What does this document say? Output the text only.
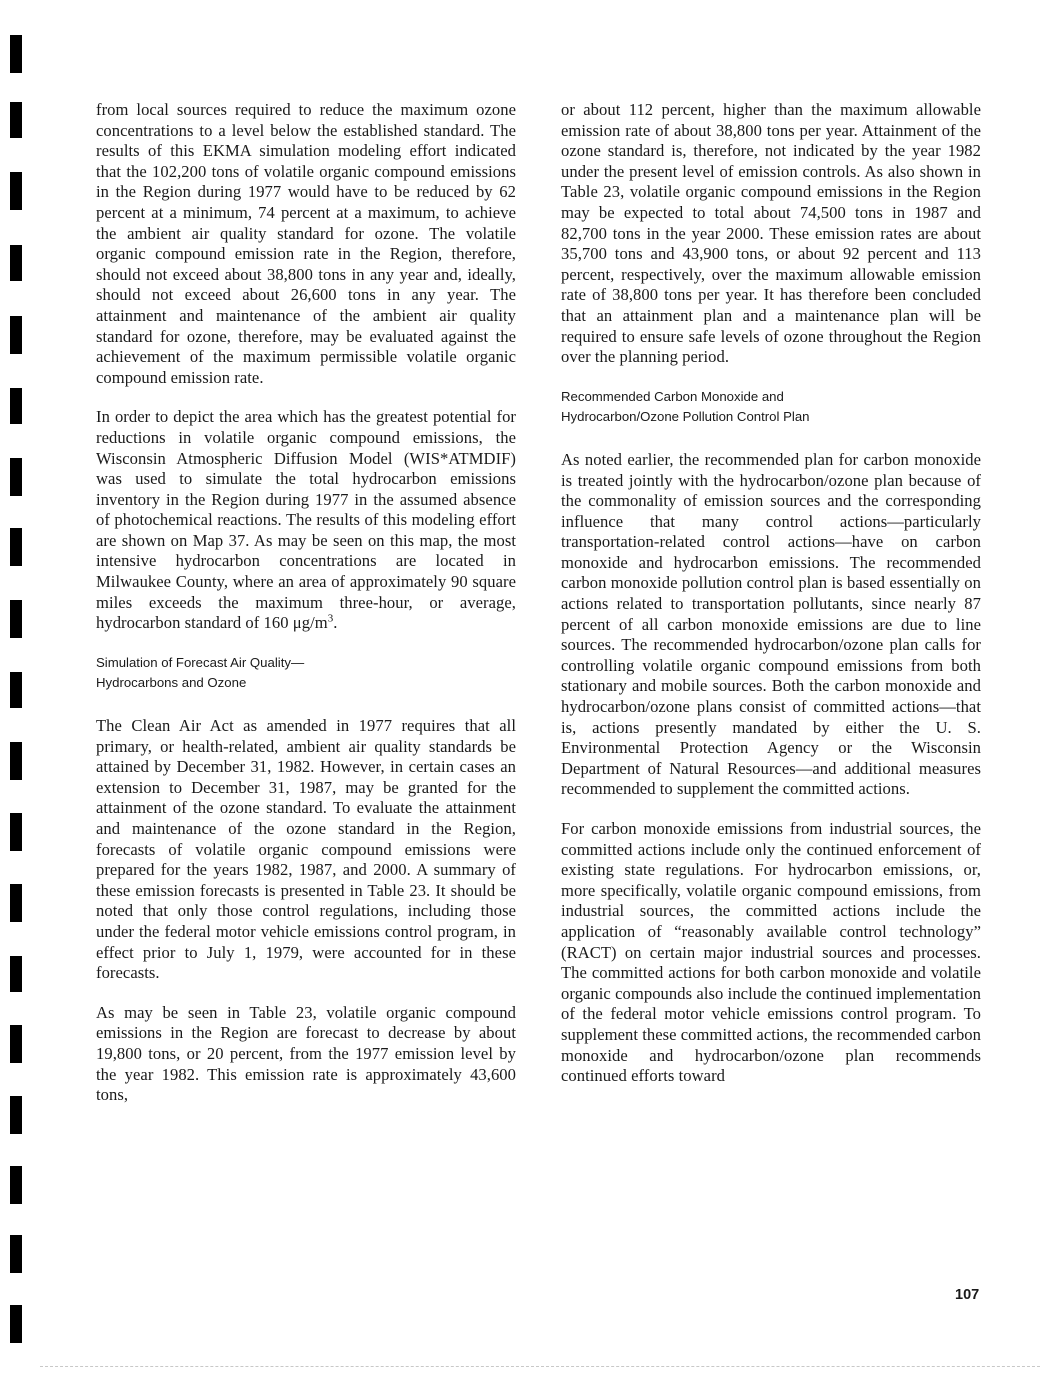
from local sources required to reduce the maximum ozone concentrations to a level below the established standard. The results of this EKMA simulation modeling effort indicated that the 102,200 tons of volatile organic compound emissions in the Region during 1977 would have to be reduced by 62 percent at a minimum, 74 percent at a maximum, to achieve the ambient air quality standard for ozone. The volatile organic compound emission rate in the Region, therefore, should not exceed about 38,800 tons in any year and, ideally, should not exceed about 26,600 tons in any year. The attainment and maintenance of the ambient air quality standard for ozone, therefore, may be evaluated against the achievement of the maximum permissible volatile organic compound emission rate.

In order to depict the area which has the greatest potential for reductions in volatile organic compound emissions, the Wisconsin Atmospheric Diffusion Model (WIS*ATMDIF) was used to simulate the total hydrocarbon emissions inventory in the Region during 1977 in the assumed absence of photochemical reactions. The results of this modeling effort are shown on Map 37. As may be seen on this map, the most intensive hydrocarbon concentrations are located in Milwaukee County, where an area of approximately 90 square miles exceeds the maximum three-hour, or average, hydrocarbon standard of 160 $\mu g/m^3$.

Simulation of Forecast Air Quality—
Hydrocarbons and Ozone

The Clean Air Act as amended in 1977 requires that all primary, or health-related, ambient air quality standards be attained by December 31, 1982. However, in certain cases an extension to December 31, 1987, may be granted for the attainment of the ozone standard. To evaluate the attainment and maintenance of the ozone standard in the Region, forecasts of volatile organic compound emissions were prepared for the years 1982, 1987, and 2000. A summary of these emission forecasts is presented in Table 23. It should be noted that only those control regulations, including those under the federal motor vehicle emissions control program, in effect prior to July 1, 1979, were accounted for in these forecasts.

As may be seen in Table 23, volatile organic compound emissions in the Region are forecast to decrease by about 19,800 tons, or 20 percent, from the 1977 emission level by the year 1982. This emission rate is approximately 43,600 tons,

or about 112 percent, higher than the maximum allowable emission rate of about 38,800 tons per year. Attainment of the ozone standard is, therefore, not indicated by the year 1982 under the present level of emission controls. As also shown in Table 23, volatile organic compound emissions in the Region may be expected to total about 74,500 tons in 1987 and 82,700 tons in the year 2000. These emission rates are about 35,700 tons and 43,900 tons, or about 92 percent and 113 percent, respectively, over the maximum allowable emission rate of 38,800 tons per year. It has therefore been concluded that an attainment plan and a maintenance plan will be required to ensure safe levels of ozone throughout the Region over the planning period.

Recommended Carbon Monoxide and
Hydrocarbon/Ozone Pollution Control Plan

As noted earlier, the recommended plan for carbon monoxide is treated jointly with the hydrocarbon/ozone plan because of the commonality of emission sources and the corresponding influence that many control actions—particularly transportation-related control actions—have on carbon monoxide and hydrocarbon emissions. The recommended carbon monoxide pollution control plan is based essentially on actions related to transportation pollutants, since nearly 87 percent of all carbon monoxide emissions are due to line sources. The recommended hydrocarbon/ozone plan calls for controlling volatile organic compound emissions from both stationary and mobile sources. Both the carbon monoxide and hydrocarbon/ozone plans consist of committed actions—that is, actions presently mandated by either the U. S. Environmental Protection Agency or the Wisconsin Department of Natural Resources—and additional measures recommended to supplement the committed actions.

For carbon monoxide emissions from industrial sources, the committed actions include only the continued enforcement of existing state regulations. For hydrocarbon emissions, or, more specifically, volatile organic compound emissions, from industrial sources, the committed actions include the application of “reasonably available control technology” (RACT) on certain major industrial sources and processes. The committed actions for both carbon monoxide and volatile organic compounds also include the continued implementation of the federal motor vehicle emissions control program. To supplement these committed actions, the recommended carbon monoxide and hydrocarbon/ozone plan recommends continued efforts toward

107
